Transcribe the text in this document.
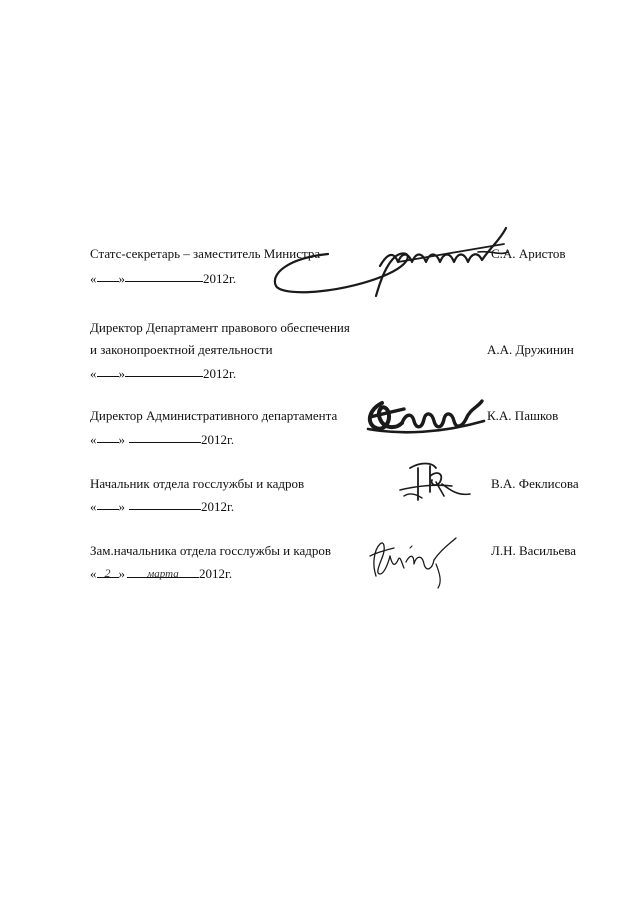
Статс-секретарь – заместитель Министра	С.А. Аристов
« »	2012г.
Директор Департамент правового обеспечения
и законопроектной деятельности	А.А. Дружинин
« »	2012г.
Директор Административного департамента	К.А. Пашков
« »	2012г.
Начальник отдела госслужбы и кадров	В.А. Феклисова
« »	2012г.
Зам.начальника отдела госслужбы и кадров	Л.Н. Васильева
« 2 » марта 2012г.
